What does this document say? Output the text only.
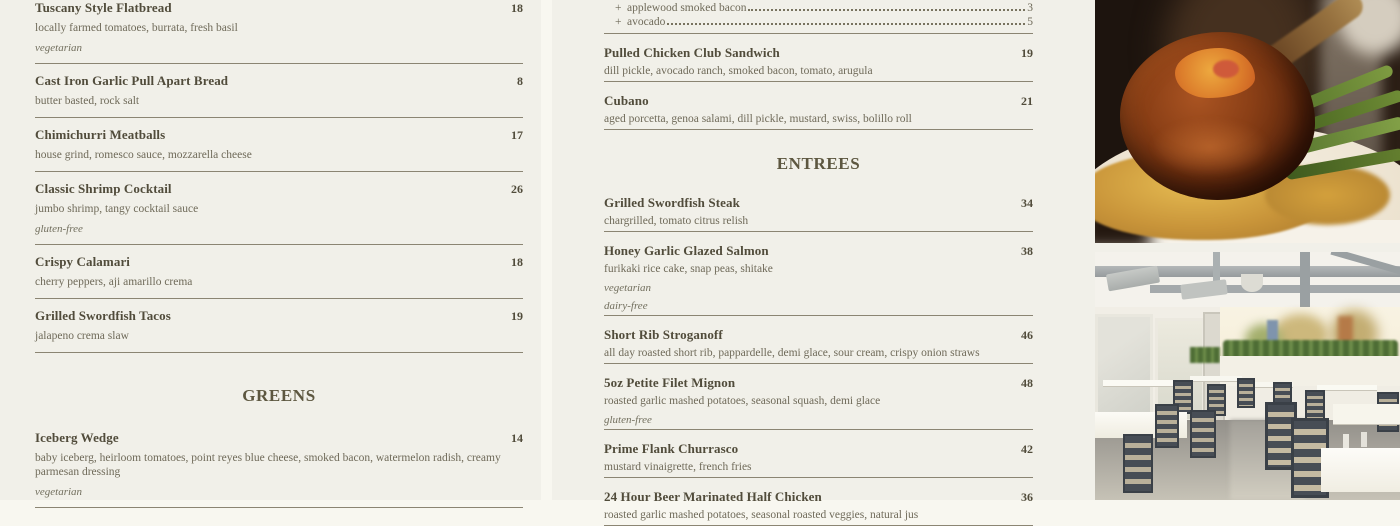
Tuscany Style Flatbread	18
locally farmed tomatoes, burrata, fresh basil
vegetarian
Cast Iron Garlic Pull Apart Bread	8
butter basted, rock salt
Chimichurri Meatballs	17
house grind, romesco sauce, mozzarella cheese
Classic Shrimp Cocktail	26
jumbo shrimp, tangy cocktail sauce
gluten-free
Crispy Calamari	18
cherry peppers, aji amarillo crema
Grilled Swordfish Tacos	19
jalapeno crema slaw
GREENS
Iceberg Wedge	14
baby iceberg, heirloom tomatoes, point reyes blue cheese, smoked bacon, watermelon radish, creamy parmesan dressing
vegetarian
+ applewood smoked bacon	3
+ avocado	5
Pulled Chicken Club Sandwich	19
dill pickle, avocado ranch, smoked bacon, tomato, arugula
Cubano	21
aged porcetta, genoa salami, dill pickle, mustard, swiss, bolillo roll
ENTREES
Grilled Swordfish Steak	34
chargrilled, tomato citrus relish
Honey Garlic Glazed Salmon	38
furikaki rice cake, snap peas, shitake
vegetarian
dairy-free
Short Rib Stroganoff	46
all day roasted short rib, pappardelle, demi glace, sour cream, crispy onion straws
5oz Petite Filet Mignon	48
roasted garlic mashed potatoes, seasonal squash, demi glace
gluten-free
Prime Flank Churrasco	42
mustard vinaigrette, french fries
24 Hour Beer Marinated Half Chicken	36
roasted garlic mashed potatoes, seasonal roasted veggies, natural jus
